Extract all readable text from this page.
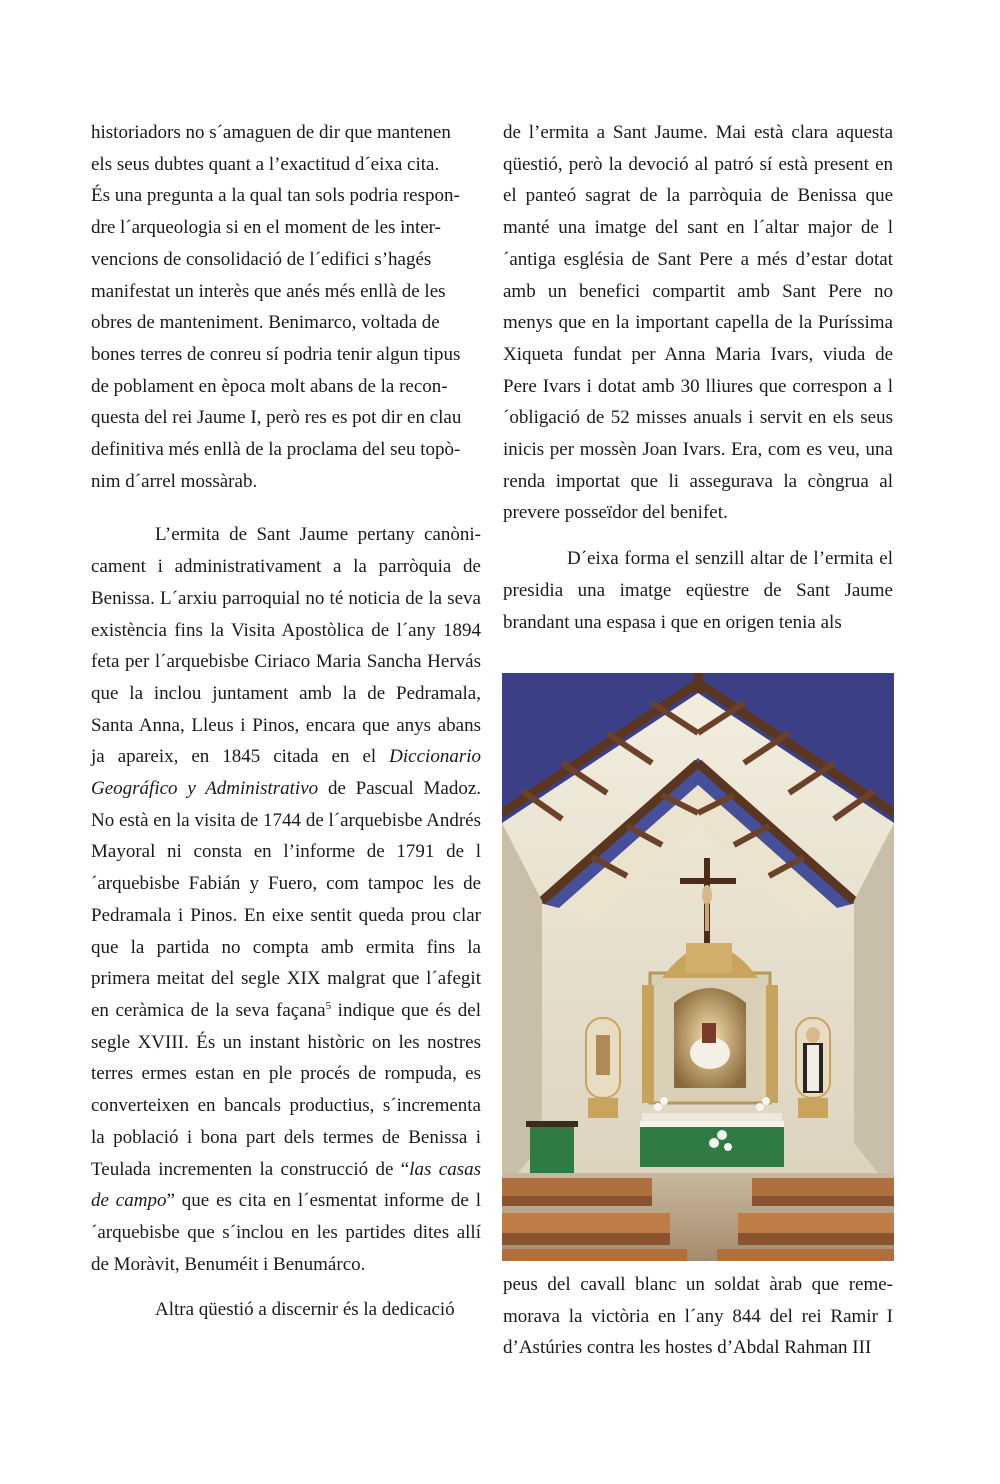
historiadors no s´amaguen de dir que mantenen
els seus dubtes quant a l’exactitud d´eixa cita.
És una pregunta a la qual tan sols podria respon-
dre l´arqueologia si en el moment de les inter-
vencions de consolidació de l´edifici s’hagés
manifestat un interès que anés més enllà de les
obres de manteniment. Benimarco, voltada de
bones terres de conreu sí podria tenir algun tipus
de poblament en època molt abans de la recon-
questa del rei Jaume I, però res es pot dir en clau
definitiva més enllà de la proclama del seu topò-
nim d´arrel mossàrab.

L’ermita de Sant Jaume pertany canònicament i administrativament a la parròquia de Benissa. L´arxiu parroquial no té noticia de la seva existència fins la Visita Apostòlica de l´any 1894 feta per l´arquebisbe Ciriaco Maria Sancha Hervás que la inclou juntament amb la de Pedramala, Santa Anna, Lleus i Pinos, encara que anys abans ja apareix, en 1845 citada en el Diccionario Geográfico y Administrativo de Pascual Madoz. No està en la visita de 1744 de l´arquebisbe Andrés Mayoral ni consta en l’informe de 1791 de l´arquebisbe Fabián y Fuero, com tampoc les de Pedramala i Pinos. En eixe sentit queda prou clar que la partida no compta amb ermita fins la primera meitat del segle XIX malgrat que l´afegit en ceràmica de la seva façana$^5$ indique que és del segle XVIII. És un instant històric on les nostres terres ermes estan en ple procés de rompuda, es converteixen en bancals productius, s´incrementa la població i bona part dels termes de Benissa i Teulada incrementen la construcció de “las casas de campo” que es cita en l´esmentat informe de l´arquebisbe que s´inclou en les partides dites allí de Moràvit, Benuméit i Benumárco.

Altra qüestió a discernir és la dedicació

de l’ermita a Sant Jaume. Mai està clara aquesta qüestió, però la devoció al patró sí està present en el panteó sagrat de la parròquia de Benissa que manté una imatge del sant en l´altar major de l´antiga església de Sant Pere a més d’estar dotat amb un benefici compartit amb Sant Pere no menys que en la important capella de la Puríssima Xiqueta fundat per Anna Maria Ivars, viuda de Pere Ivars i dotat amb 30 lliures que correspon a l´obligació de 52 misses anuals i servit en els seus inicis per mossèn Joan Ivars. Era, com es veu, una renda importat que li assegurava la còngrua al prevere posseïdor del benifet.

D´eixa forma el senzill altar de l’ermita el presidia una imatge eqüestre de Sant Jaume brandant una espasa i que en origen tenia als

peus del cavall blanc un soldat àrab que rememorava la victòria en l´any 844 del rei Ramir I d’Astúries contra les hostes d’Abdal Rahman III
